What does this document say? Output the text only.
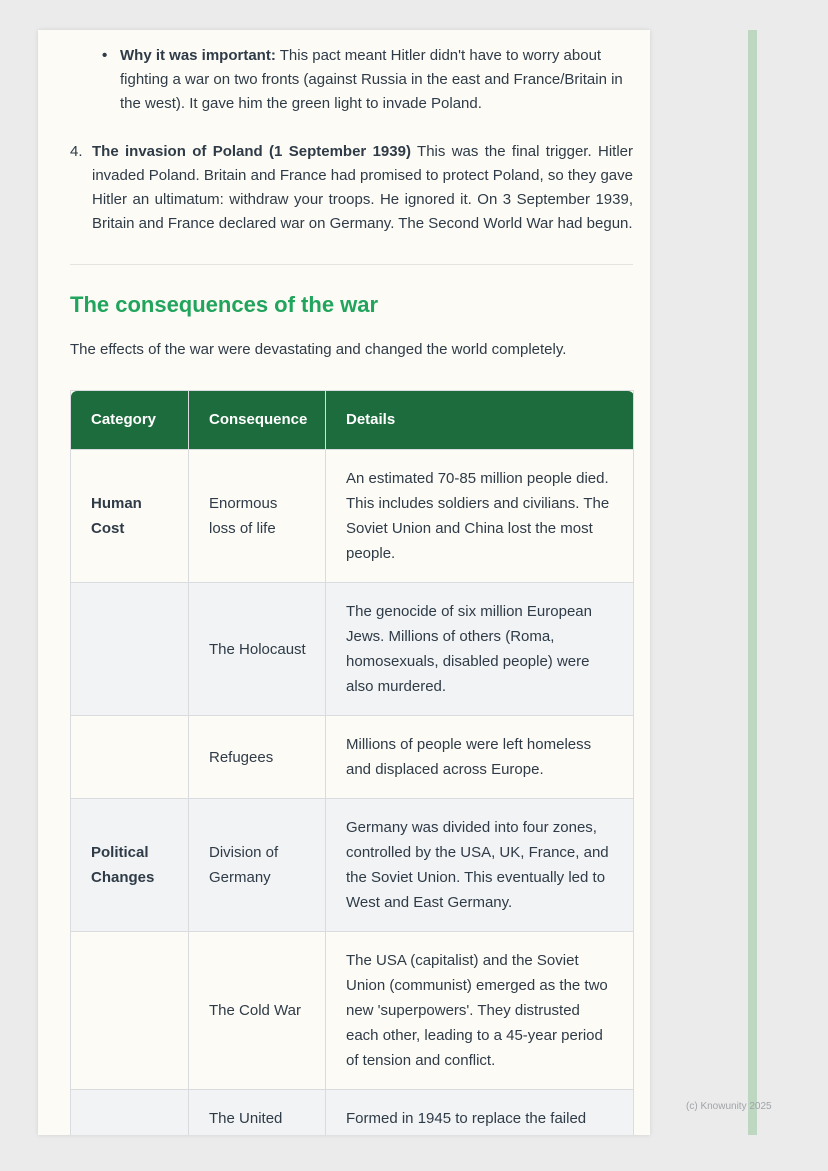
• Why it was important: This pact meant Hitler didn't have to worry about fighting a war on two fronts (against Russia in the east and France/Britain in the west). It gave him the green light to invade Poland.

4. The invasion of Poland (1 September 1939) This was the final trigger. Hitler invaded Poland. Britain and France had promised to protect Poland, so they gave Hitler an ultimatum: withdraw your troops. He ignored it. On 3 September 1939, Britain and France declared war on Germany. The Second World War had begun.

The consequences of the war

The effects of the war were devastating and changed the world completely.

Category	Consequence	Details
Human Cost	Enormous loss of life	An estimated 70-85 million people died. This includes soldiers and civilians. The Soviet Union and China lost the most people.
	The Holocaust	The genocide of six million European Jews. Millions of others (Roma, homosexuals, disabled people) were also murdered.
	Refugees	Millions of people were left homeless and displaced across Europe.
Political Changes	Division of Germany	Germany was divided into four zones, controlled by the USA, UK, France, and the Soviet Union. This eventually led to West and East Germany.
	The Cold War	The USA (capitalist) and the Soviet Union (communist) emerged as the two new 'superpowers'. They distrusted each other, leading to a 45-year period of tension and conflict.
	The United	Formed in 1945 to replace the failed
(c) Knowunity 2025
